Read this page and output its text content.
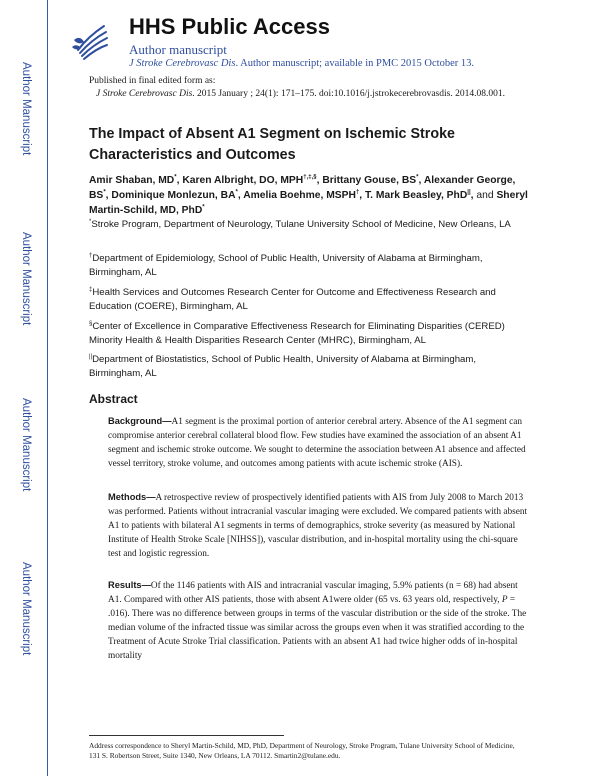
Author Manuscript
Author Manuscript
Author Manuscript
Author Manuscript
HHS Public Access
Author manuscript
J Stroke Cerebrovasc Dis. Author manuscript; available in PMC 2015 October 13.
Published in final edited form as:
J Stroke Cerebrovasc Dis. 2015 January ; 24(1): 171–175. doi:10.1016/j.jstrokecerebrovasdis. 2014.08.001.
The Impact of Absent A1 Segment on Ischemic Stroke Characteristics and Outcomes
Amir Shaban, MD*, Karen Albright, DO, MPH†,‡,§, Brittany Gouse, BS*, Alexander George, BS*, Dominique Monlezun, BA*, Amelia Boehme, MSPH†, T. Mark Beasley, PhD||, and Sheryl Martin-Schild, MD, PhD*
*Stroke Program, Department of Neurology, Tulane University School of Medicine, New Orleans, LA
†Department of Epidemiology, School of Public Health, University of Alabama at Birmingham, Birmingham, AL
‡Health Services and Outcomes Research Center for Outcome and Effectiveness Research and Education (COERE), Birmingham, AL
§Center of Excellence in Comparative Effectiveness Research for Eliminating Disparities (CERED) Minority Health & Health Disparities Research Center (MHRC), Birmingham, AL
||Department of Biostatistics, School of Public Health, University of Alabama at Birmingham, Birmingham, AL
Abstract
Background—A1 segment is the proximal portion of anterior cerebral artery. Absence of the A1 segment can compromise anterior cerebral collateral blood flow. Few studies have examined the association of an absent A1 segment and ischemic stroke outcome. We sought to determine the association between A1 absence and affected vessel territory, stroke volume, and outcomes among patients with acute ischemic stroke (AIS).
Methods—A retrospective review of prospectively identified patients with AIS from July 2008 to March 2013 was performed. Patients without intracranial vascular imaging were excluded. We compared patients with absent A1 to patients with bilateral A1 segments in terms of demographics, stroke severity (as measured by National Institute of Health Stroke Scale [NIHSS]), vascular distribution, and in-hospital mortality using the chi-square test and logistic regression.
Results—Of the 1146 patients with AIS and intracranial vascular imaging, 5.9% patients (n = 68) had absent A1. Compared with other AIS patients, those with absent A1were older (65 vs. 63 years old, respectively, P = .016). There was no difference between groups in terms of the vascular distribution or the side of the stroke. The median volume of the infracted tissue was similar across the groups even when it was stratified according to the Treatment of Acute Stroke Trial classification. Patients with an absent A1 had twice higher odds of in-hospital mortality
Address correspondence to Sheryl Martin-Schild, MD, PhD, Department of Neurology, Stroke Program, Tulane University School of Medicine, 131 S. Robertson Street, Suite 1340, New Orleans, LA 70112. Smartin2@tulane.edu.
